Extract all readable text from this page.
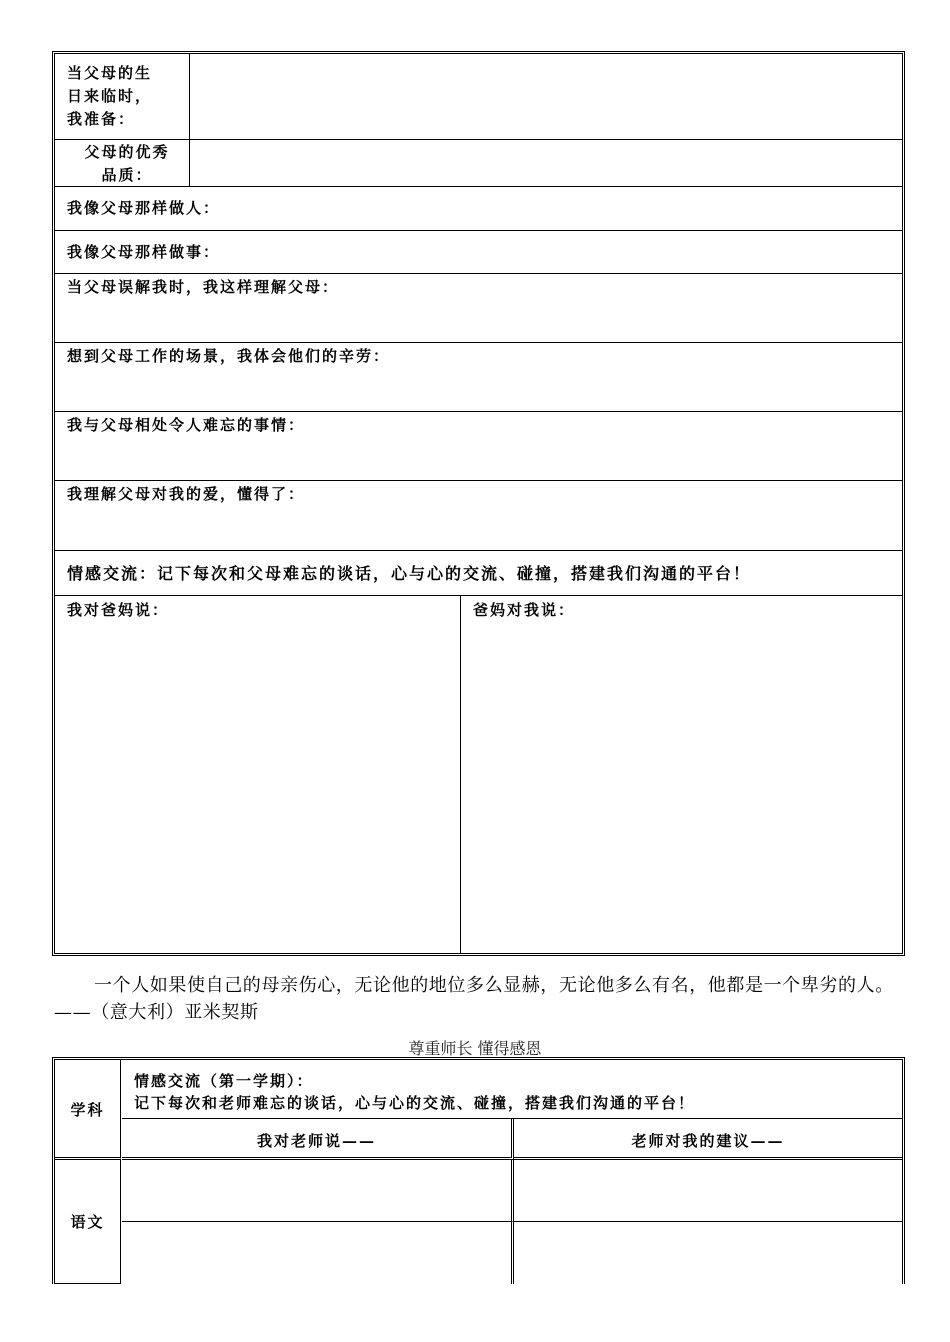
当父母的生
日来临时，
我准备：
父母的优秀
品质：
我像父母那样做人：
我像父母那样做事：
当父母误解我时，我这样理解父母：
想到父母工作的场景，我体会他们的辛劳：
我与父母相处令人难忘的事情：
我理解父母对我的爱，懂得了：
情感交流：记下每次和父母难忘的谈话，心与心的交流、碰撞，搭建我们沟通的平台！
我对爸妈说：	爸妈对我说：
一个人如果使自己的母亲伤心，无论他的地位多么显赫，无论他多么有名，他都是一个卑劣的人。——（意大利）亚米契斯
尊重师长 懂得感恩
学科
情感交流（第一学期）：
记下每次和老师难忘的谈话，心与心的交流、碰撞，搭建我们沟通的平台！
我对老师说——	老师对我的建议——
语文
